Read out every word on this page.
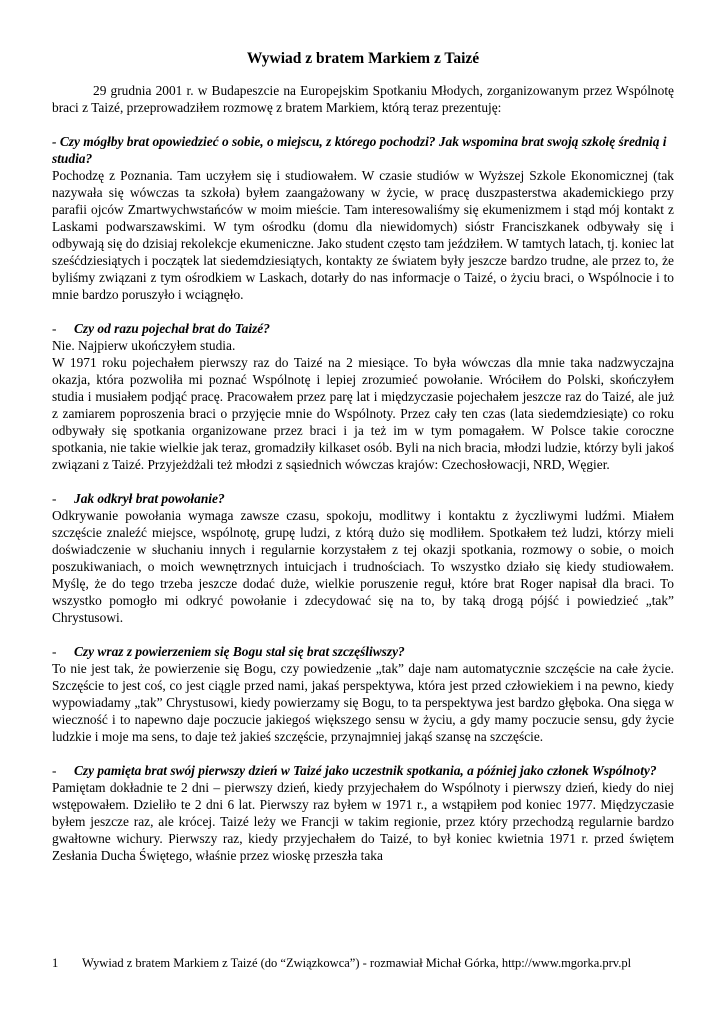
Wywiad z bratem Markiem z Taizé

29 grudnia 2001 r. w Budapeszcie na Europejskim Spotkaniu Młodych, zorganizowanym przez Wspólnotę braci z Taizé, przeprowadziłem rozmowę z bratem Markiem, którą teraz prezentuję:

- Czy mógłby brat opowiedzieć o sobie, o miejscu, z którego pochodzi? Jak wspomina brat swoją szkołę średnią i studia?

Pochodzę z Poznania. Tam uczyłem się i studiowałem. W czasie studiów w Wyższej Szkole Ekonomicznej (tak nazywała się wówczas ta szkoła) byłem zaangażowany w życie, w pracę duszpasterstwa akademickiego przy parafii ojców Zmartwychwstańców w moim mieście. Tam interesowaliśmy się ekumenizmem i stąd mój kontakt z Laskami podwarszawskimi. W tym ośrodku (domu dla niewidomych) sióstr Franciszkanek odbywały się i odbywają się do dzisiaj rekolekcje ekumeniczne. Jako student często tam jeździłem. W tamtych latach, tj. koniec lat sześćdziesiątych i początek lat siedemdziesiątych, kontakty ze światem były jeszcze bardzo trudne, ale przez to, że byliśmy związani z tym ośrodkiem w Laskach, dotarły do nas informacje o Taizé, o życiu braci, o Wspólnocie i to mnie bardzo poruszyło i wciągnęło.

-	Czy od razu pojechał brat do Taizé?

Nie. Najpierw ukończyłem studia.

W 1971 roku pojechałem pierwszy raz do Taizé na 2 miesiące. To była wówczas dla mnie taka nadzwyczajna okazja, która pozwoliła mi poznać Wspólnotę i lepiej zrozumieć powołanie. Wróciłem do Polski, skończyłem studia i musiałem podjąć pracę. Pracowałem przez parę lat i międzyczasie pojechałem jeszcze raz do Taizé, ale już z zamiarem poproszenia braci o przyjęcie mnie do Wspólnoty. Przez cały ten czas (lata siedemdziesiąte) co roku odbywały się spotkania organizowane przez braci i ja też im w tym pomagałem. W Polsce takie coroczne spotkania, nie takie wielkie jak teraz, gromadziły kilkaset osób. Byli na nich bracia, młodzi ludzie, którzy byli jakoś związani z Taizé. Przyjeżdżali też młodzi z sąsiednich wówczas krajów: Czechosłowacji, NRD, Węgier.

-	Jak odkrył brat powołanie?

Odkrywanie powołania wymaga zawsze czasu, spokoju, modlitwy i kontaktu z życzliwymi ludźmi. Miałem szczęście znaleźć miejsce, wspólnotę, grupę ludzi, z którą dużo się modliłem. Spotkałem też ludzi, którzy mieli doświadczenie w słuchaniu innych i regularnie korzystałem z tej okazji spotkania, rozmowy o sobie, o moich poszukiwaniach, o moich wewnętrznych intuicjach i trudnościach. To wszystko działo się kiedy studiowałem. Myślę, że do tego trzeba jeszcze dodać duże, wielkie poruszenie reguł, które brat Roger napisał dla braci. To wszystko pomogło mi odkryć powołanie i zdecydować się na to, by taką drogą pójść i powiedzieć „tak” Chrystusowi.

-	Czy wraz z powierzeniem się Bogu stał się brat szczęśliwszy?

To nie jest tak, że powierzenie się Bogu, czy powiedzenie „tak” daje nam automatycznie szczęście na całe życie. Szczęście to jest coś, co jest ciągle przed nami, jakaś perspektywa, która jest przed człowiekiem i na pewno, kiedy wypowiadamy „tak” Chrystusowi, kiedy powierzamy się Bogu, to ta perspektywa jest bardzo głęboka. Ona sięga w wieczność i to napewno daje poczucie jakiegoś większego sensu w życiu, a gdy mamy poczucie sensu, gdy życie ludzkie i moje ma sens, to daje też jakieś szczęście, przynajmniej jakąś szansę na szczęście.

-	Czy pamięta brat swój pierwszy dzień w Taizé jako uczestnik spotkania, a później jako członek Wspólnoty?

Pamiętam dokładnie te 2 dni – pierwszy dzień, kiedy przyjechałem do Wspólnoty i pierwszy dzień, kiedy do niej wstępowałem. Dzieliło te 2 dni 6 lat. Pierwszy raz byłem w 1971 r., a wstąpiłem pod koniec 1977. Międzyczasie byłem jeszcze raz, ale krócej. Taizé leży we Francji w takim regionie, przez który przechodzą regularnie bardzo gwałtowne wichury. Pierwszy raz, kiedy przyjechałem do Taizé, to był koniec kwietnia 1971 r. przed świętem Zesłania Ducha Świętego, właśnie przez wioskę przeszła taka

1	Wywiad z bratem Markiem z Taizé (do “Związkowca”) - rozmawiał Michał Górka, http://www.mgorka.prv.pl
